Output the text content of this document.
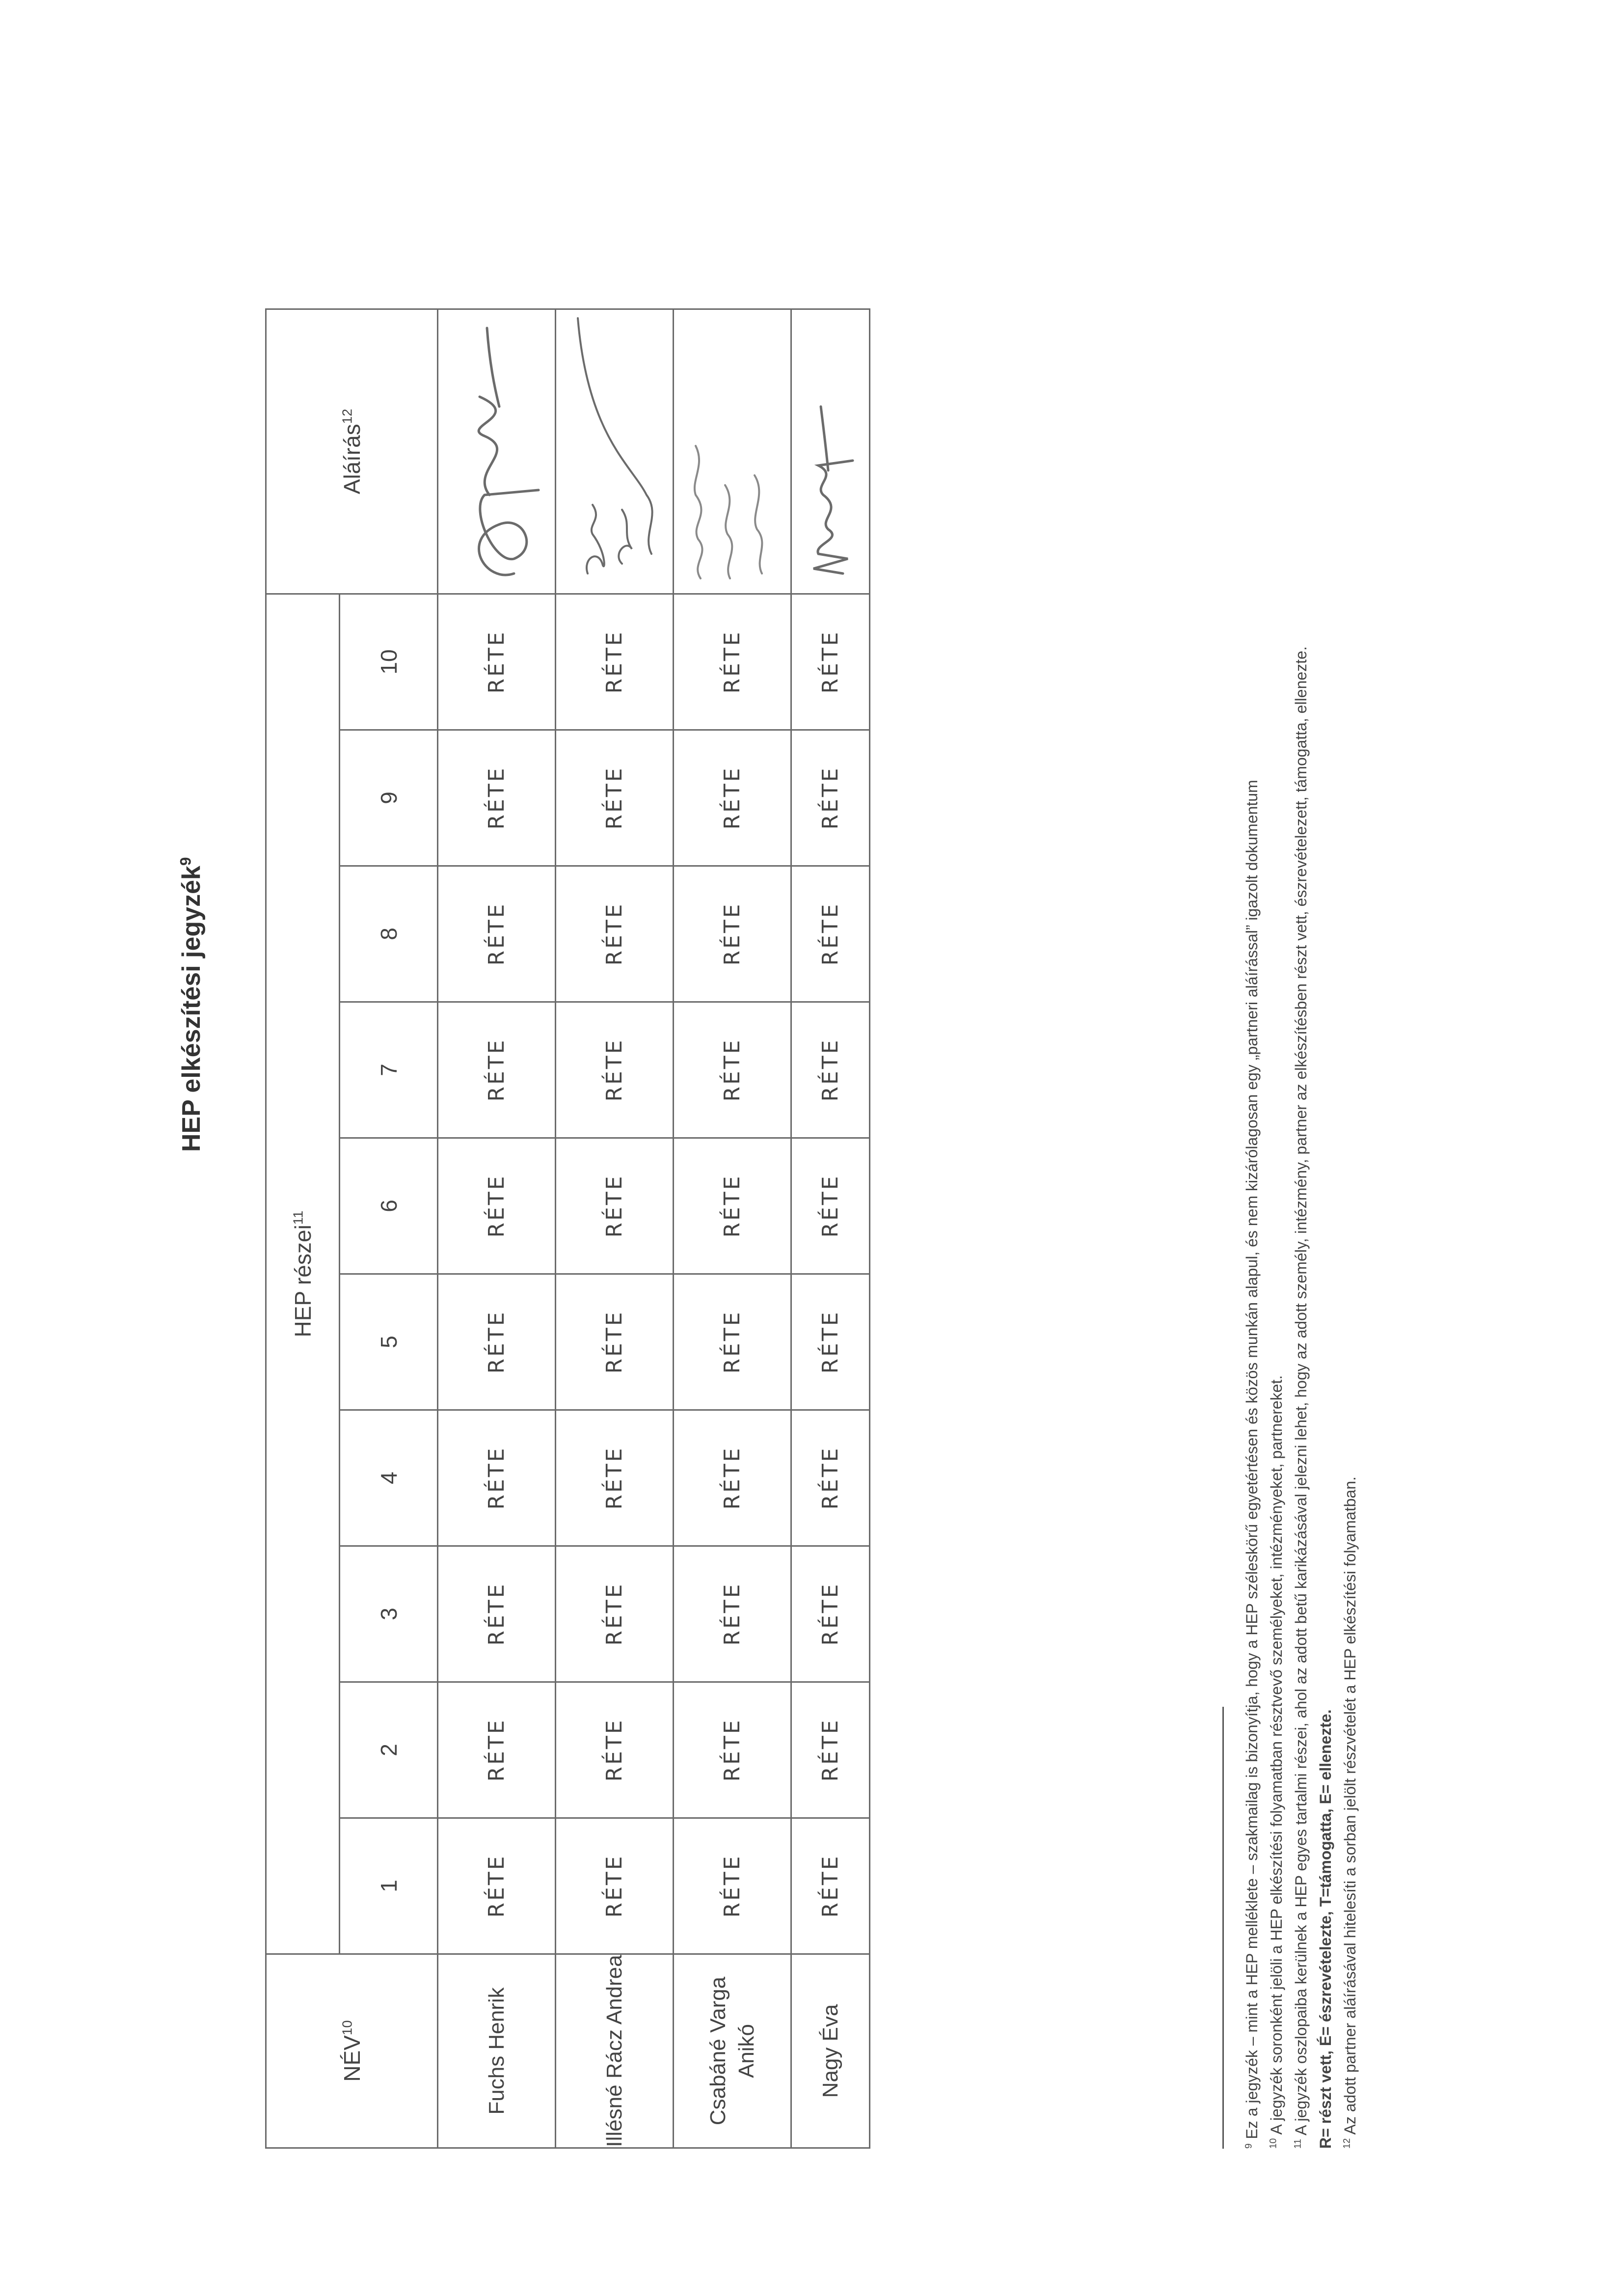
HEP elkészítési jegyzék$^9$
NÉV$^{10}$	HEP részei$^{11}$										Aláírás$^{12}$
	1	2	3	4	5	6	7	8	9	10	
Fuchs Henrik	RÉTE	RÉTE	RÉTE	RÉTE	RÉTE	RÉTE	RÉTE	RÉTE	RÉTE	RÉTE	

Illésné Rácz Andrea	RÉTE	RÉTE	RÉTE	RÉTE	RÉTE	RÉTE	RÉTE	RÉTE	RÉTE	RÉTE	

Csabáné Varga Anikó	RÉTE	RÉTE	RÉTE	RÉTE	RÉTE	RÉTE	RÉTE	RÉTE	RÉTE	RÉTE	

Nagy Éva	RÉTE	RÉTE	RÉTE	RÉTE	RÉTE	RÉTE	RÉTE	RÉTE	RÉTE	RÉTE	

$^9$ Ez a jegyzék – mint a HEP melléklete – szakmailag is bizonyítja, hogy a HEP széleskörű egyetértésen és közös munkán alapul, és nem kizárólagosan egy „partneri aláírással” igazolt dokumentum

$^{10}$ A jegyzék soronként jelöli a HEP elkészítési folyamatban résztvevő személyeket, intézményeket, partnereket.

$^{11}$ A jegyzék oszlopaiba kerülnek a HEP egyes tartalmi részei, ahol az adott betű karikázásával jelezni lehet, hogy az adott személy, intézmény, partner az elkészítésben részt vett, észrevételezett, támogatta, ellenezte. R= részt vett, É= észrevételezte, T=támogatta, E= ellenezte. $^{12}$ Az adott partner aláírásával hitelesíti a sorban jelölt részvételét a HEP elkészítési folyamatban.
